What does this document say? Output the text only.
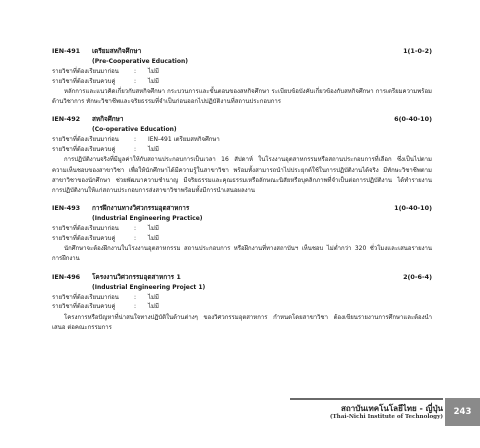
IEN-491 เตรียมสหกิจศึกษา	1(1-0-2)
(Pre-Cooperative Education)
รายวิชาที่ต้องเรียนมาก่อน	: ไม่มี
รายวิชาที่ต้องเรียนควบคู่	: ไม่มี
หลักการและแนวคิดเกี่ยวกับสหกิจศึกษา กระบวนการและขั้นตอนของสหกิจศึกษา ระเบียบข้อบังคับเกี่ยวข้องกับสหกิจศึกษา การเตรียมความพร้อมด้านวิชาการ ทักษะวิชาชีพและจริยธรรมที่จำเป็นก่อนออกไปปฏิบัติงานที่สถานประกอบการ
IEN-492 สหกิจศึกษา	6(0-40-10)
(Co-operative Education)
รายวิชาที่ต้องเรียนมาก่อน	: IEN-491 เตรียมสหกิจศึกษา
รายวิชาที่ต้องเรียนควบคู่	: ไม่มี
การปฏิบัติงานจริงที่มีมูลค่าให้กับสถานประกอบการเป็นเวลา 16 สัปดาห์ ในโรงงานอุตสาหกรรมหรือสถานประกอบการที่เลือก ซึ่งเป็นไปตามความเห็นชอบของสาขาวิชา เพื่อให้นักศึกษาได้มีความรู้ในสาขาวิชา พร้อมทั้งสามารถนำไปประยุกต์ใช้ในการปฏิบัติงานได้จริง มีทักษะวิชาชีพตามสาขาวิชาของนักศึกษา ช่วยพัฒนาความชำนาญ มีจริยธรรมและคุณธรรมเหรือลักษณะนิสัยหรือบุคลิกภาพที่จำเป็นต่อการปฏิบัติงาน ได้ทำรายงานการปฏิบัติงานให้แก่สถานประกอบการส่งสาขาวิชาพร้อมทั้งมีการนำเสนอผลงาน
IEN-493 การฝึกงานทางวิศวกรรมอุตสาหการ	1(0-40-10)
(Industrial Engineering Practice)
รายวิชาที่ต้องเรียนมาก่อน	: ไม่มี
รายวิชาที่ต้องเรียนควบคู่	: ไม่มี
นักศึกษาจะต้องฝึกงานในโรงงานอุตสาหกรรม สถานประกอบการ หรือฝึกงานที่ทางสถาบันฯ เห็นชอบ ไม่ต่ำกว่า 320 ชั่วโมงและเสนอรายงานการฝึกงาน
IEN-496 โครงงานวิศวกรรมอุตสาหการ 1	2(0-6-4)
(Industrial Engineering Project 1)
รายวิชาที่ต้องเรียนมาก่อน	: ไม่มี
รายวิชาที่ต้องเรียนควบคู่	: ไม่มี
โครงการหรือปัญหาที่น่าสนใจทางปฏิบัติในด้านต่างๆ ของวิศวกรรมอุตสาหการ กำหนดโดยสาขาวิชา ต้องเขียนรายงานการศึกษาและต้องนำเสนอ ต่อคณะกรรมการ
สถาบันเทคโนโลยีไทย - ญี่ปุ่น
(Thai-Nichi Institute of Technology)	243
